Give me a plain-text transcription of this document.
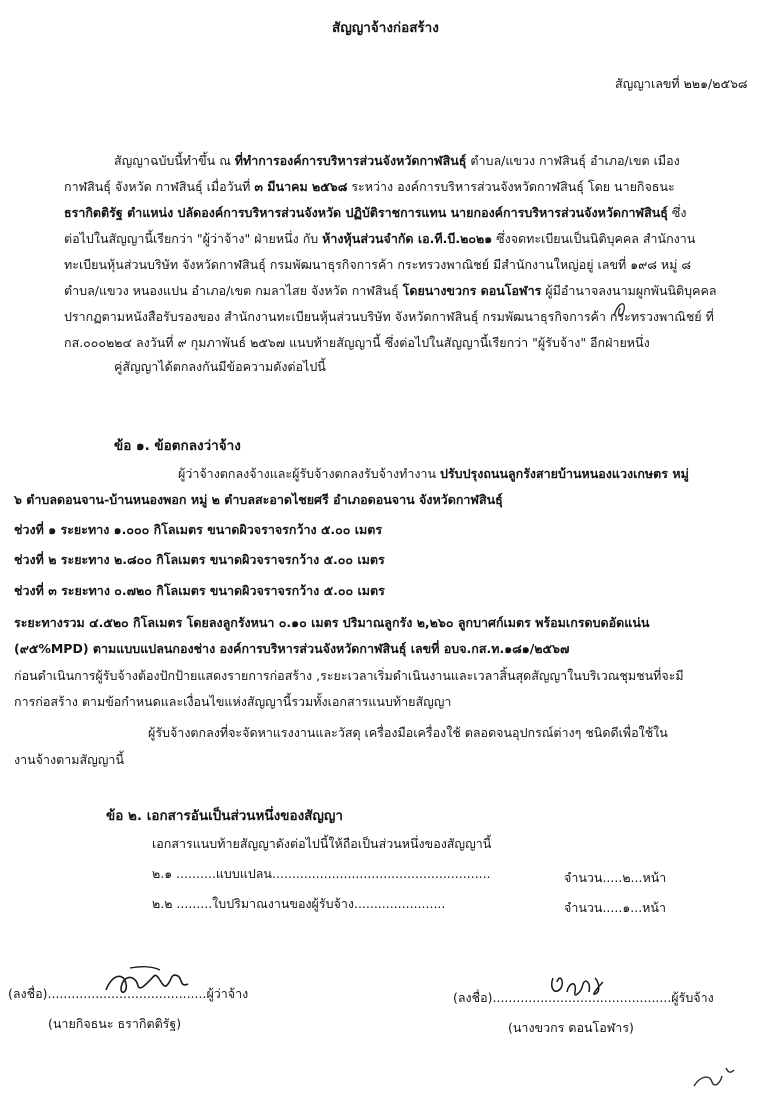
สัญญาจ้างก่อสร้าง
สัญญาเลขที่ ๒๒๑/๒๕๖๘
สัญญาฉบับนี้ทำขึ้น ณ ที่ทำการองค์การบริหารส่วนจังหวัดกาฬสินธุ์ ตำบล/แขวง กาฬสินธุ์ อำเภอ/เขต เมือง
กาฬสินธุ์ จังหวัด กาฬสินธุ์ เมื่อวันที่ ๓ มีนาคม ๒๕๖๘ ระหว่าง องค์การบริหารส่วนจังหวัดกาฬสินธุ์ โดย นายกิจธนะ
ธรากิตติรัฐ ตำแหน่ง ปลัดองค์การบริหารส่วนจังหวัด ปฏิบัติราชการแทน นายกองค์การบริหารส่วนจังหวัดกาฬสินธุ์ ซึ่ง
ต่อไปในสัญญานี้เรียกว่า "ผู้ว่าจ้าง" ฝ่ายหนึ่ง กับ ห้างหุ้นส่วนจำกัด เอ.ที.บี.๒๐๒๑ ซึ่งจดทะเบียนเป็นนิติบุคคล สำนักงาน
ทะเบียนหุ้นส่วนบริษัท จังหวัดกาฬสินธุ์ กรมพัฒนาธุรกิจการค้า กระทรวงพาณิชย์ มีสำนักงานใหญ่อยู่ เลขที่ ๑๙๘ หมู่ ๘
ตำบล/แขวง หนองแปน อำเภอ/เขต กมลาไสย จังหวัด กาฬสินธุ์ โดยนางขวกร ดอนโอฬาร ผู้มีอำนาจลงนามผูกพันนิติบุคคล
ปรากฏตามหนังสือรับรองของ สำนักงานทะเบียนหุ้นส่วนบริษัท จังหวัดกาฬสินธุ์ กรมพัฒนาธุรกิจการค้า กระทรวงพาณิชย์ ที่
กส.๐๐๐๒๒๔ ลงวันที่ ๙ กุมภาพันธ์ ๒๕๖๗ แนบท้ายสัญญานี้ ซึ่งต่อไปในสัญญานี้เรียกว่า "ผู้รับจ้าง" อีกฝ่ายหนึ่ง
คู่สัญญาได้ตกลงกันมีข้อความดังต่อไปนี้
ข้อ ๑. ข้อตกลงว่าจ้าง
ผู้ว่าจ้างตกลงจ้างและผู้รับจ้างตกลงรับจ้างทำงาน ปรับปรุงถนนลูกรังสายบ้านหนองแวงเกษตร หมู่
๖ ตำบลดอนจาน-บ้านหนองพอก หมู่ ๒ ตำบลสะอาดไชยศรี อำเภอดอนจาน จังหวัดกาฬสินธุ์
ช่วงที่ ๑ ระยะทาง ๑.๐๐๐ กิโลเมตร ขนาดผิวจราจรกว้าง ๕.๐๐ เมตร
ช่วงที่ ๒ ระยะทาง ๒.๘๐๐ กิโลเมตร ขนาดผิวจราจรกว้าง ๕.๐๐ เมตร
ช่วงที่ ๓ ระยะทาง ๐.๗๒๐ กิโลเมตร ขนาดผิวจราจรกว้าง ๕.๐๐ เมตร
ระยะทางรวม ๔.๕๒๐ กิโลเมตร โดยลงลูกรังหนา ๐.๑๐ เมตร ปริมาณลูกรัง ๒,๒๖๐ ลูกบาศก์เมตร พร้อมเกรดบดอัดแน่น
(๙๕%MPD) ตามแบบแปลนกองช่าง องค์การบริหารส่วนจังหวัดกาฬสินธุ์ เลขที่ อบจ.กส.ท.๑๘๑/๒๕๖๗
ก่อนดำเนินการผู้รับจ้างต้องปักป้ายแสดงรายการก่อสร้าง ,ระยะเวลาเริ่มดำเนินงานและเวลาสิ้นสุดสัญญาในบริเวณชุมชนที่จะมี
การก่อสร้าง ตามข้อกำหนดและเงื่อนไขแห่งสัญญานี้รวมทั้งเอกสารแนบท้ายสัญญา
ผู้รับจ้างตกลงที่จะจัดหาแรงงานและวัสดุ เครื่องมือเครื่องใช้ ตลอดจนอุปกรณ์ต่างๆ ชนิดดีเพื่อใช้ใน
งานจ้างตามสัญญานี้
ข้อ ๒. เอกสารอันเป็นส่วนหนึ่งของสัญญา
เอกสารแนบท้ายสัญญาดังต่อไปนี้ให้ถือเป็นส่วนหนึ่งของสัญญานี้
๒.๑ ..........แบบแปลน.......................................................	จำนวน.....๒...หน้า
๒.๒ .........ใบปริมาณงานของผู้รับจ้าง.......................	จำนวน.....๑...หน้า
(ลงชื่อ)........................................ผู้ว่าจ้าง
(นายกิจธนะ ธรากิตติรัฐ)
(ลงชื่อ).............................................ผู้รับจ้าง
(นางขวกร ดอนโอฬาร)
